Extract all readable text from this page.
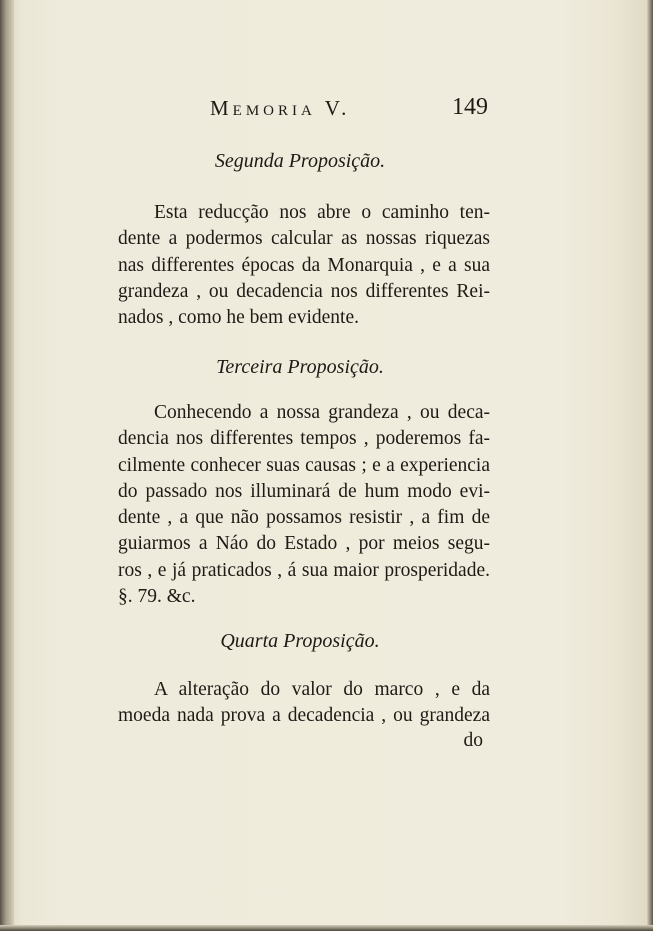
Memoria V.	149
Segunda Proposição.
Esta reducção nos abre o caminho ten-
dente a podermos calcular as nossas riquezas
nas differentes épocas da Monarquia , e a sua
grandeza , ou decadencia nos differentes Rei-
nados , como he bem evidente.
Terceira Proposição.
Conhecendo a nossa grandeza , ou deca-
dencia nos differentes tempos , poderemos fa-
cilmente conhecer suas causas ; e a experiencia
do passado nos illuminará de hum modo evi-
dente , a que não possamos resistir , a fim de
guiarmos a Náo do Estado , por meios segu-
ros , e já praticados , á sua maior prosperidade.
§. 79. &c.
Quarta Proposição.
A alteração do valor do marco , e da
moeda nada prova a decadencia , ou grandeza
do
